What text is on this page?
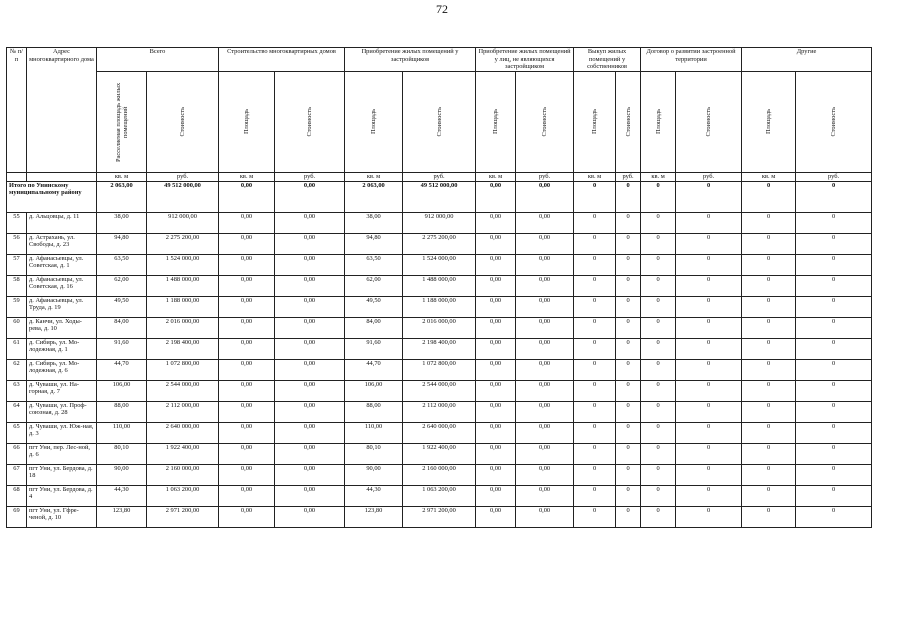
72
№ п/п	Адрес многоквартирного дома	Всего		Строительство многоквартирных домов		Приобретение жилых помещений у застройщиков		Приобретение жилых помещений у лиц, не являющихся застройщиком		Выкуп жилых помещений у собственников		Договор о развитии застроенной территории		Другие	

		Расселяемая площадь жилых помещений	Стоимость	Площадь	Стоимость	Площадь	Стоимость	Площадь	Стоимость	Площадь	Стоимость	Площадь	Стоимость	Площадь	Стоимость

		кв. м	руб.	кв. м	руб.	кв. м	руб.	кв. м	руб.	кв. м	руб.	кв. м	руб.	кв. м	руб.
Итого по Унинскому муниципальному району		2 063,00	49 512 000,00	0,00	0,00	2 063,00	49 512 000,00	0,00	0,00	0	0	0	0	0	0
55	д. Альцовцы, д. 11	38,00	912 000,00	0,00	0,00	38,00	912 000,00	0,00	0,00	0	0	0	0	0	0
56	д. Астрахань, ул. Свободы, д. 23	94,80	2 275 200,00	0,00	0,00	94,80	2 275 200,00	0,00	0,00	0	0	0	0	0	0
57	д. Афанасьевцы, ул. Советская, д. 1	63,50	1 524 000,00	0,00	0,00	63,50	1 524 000,00	0,00	0,00	0	0	0	0	0	0
58	д. Афанасьевцы, ул. Советская, д. 16	62,00	1 488 000,00	0,00	0,00	62,00	1 488 000,00	0,00	0,00	0	0	0	0	0	0
59	д. Афанасьевцы, ул. Труда, д. 19	49,50	1 188 000,00	0,00	0,00	49,50	1 188 000,00	0,00	0,00	0	0	0	0	0	0
60	д. Канчи, ул. Ходы-рева, д. 10	84,00	2 016 000,00	0,00	0,00	84,00	2 016 000,00	0,00	0,00	0	0	0	0	0	0
61	д. Сибирь, ул. Мо-лодежная, д. 1	91,60	2 198 400,00	0,00	0,00	91,60	2 198 400,00	0,00	0,00	0	0	0	0	0	0
62	д. Сибирь, ул. Мо-лодежная, д. 6	44,70	1 072 800,00	0,00	0,00	44,70	1 072 800,00	0,00	0,00	0	0	0	0	0	0
63	д. Чуваши, ул. На-горная, д. 7	106,00	2 544 000,00	0,00	0,00	106,00	2 544 000,00	0,00	0,00	0	0	0	0	0	0
64	д. Чуваши, ул. Проф-союзная, д. 28	88,00	2 112 000,00	0,00	0,00	88,00	2 112 000,00	0,00	0,00	0	0	0	0	0	0
65	д. Чуваши, ул. Юж-ная, д. 3	110,00	2 640 000,00	0,00	0,00	110,00	2 640 000,00	0,00	0,00	0	0	0	0	0	0
66	пгт Уни, пер. Лес-ной, д. 6	80,10	1 922 400,00	0,00	0,00	80,10	1 922 400,00	0,00	0,00	0	0	0	0	0	0
67	пгт Уни, ул. Бердова, д. 18	90,00	2 160 000,00	0,00	0,00	90,00	2 160 000,00	0,00	0,00	0	0	0	0	0	0
68	пгт Уни, ул. Бердова, д. 4	44,30	1 063 200,00	0,00	0,00	44,30	1 063 200,00	0,00	0,00	0	0	0	0	0	0
69	пгт Уни, ул. Гфре-ченой, д. 10	123,80	2 971 200,00	0,00	0,00	123,80	2 971 200,00	0,00	0,00	0	0	0	0	0	0
